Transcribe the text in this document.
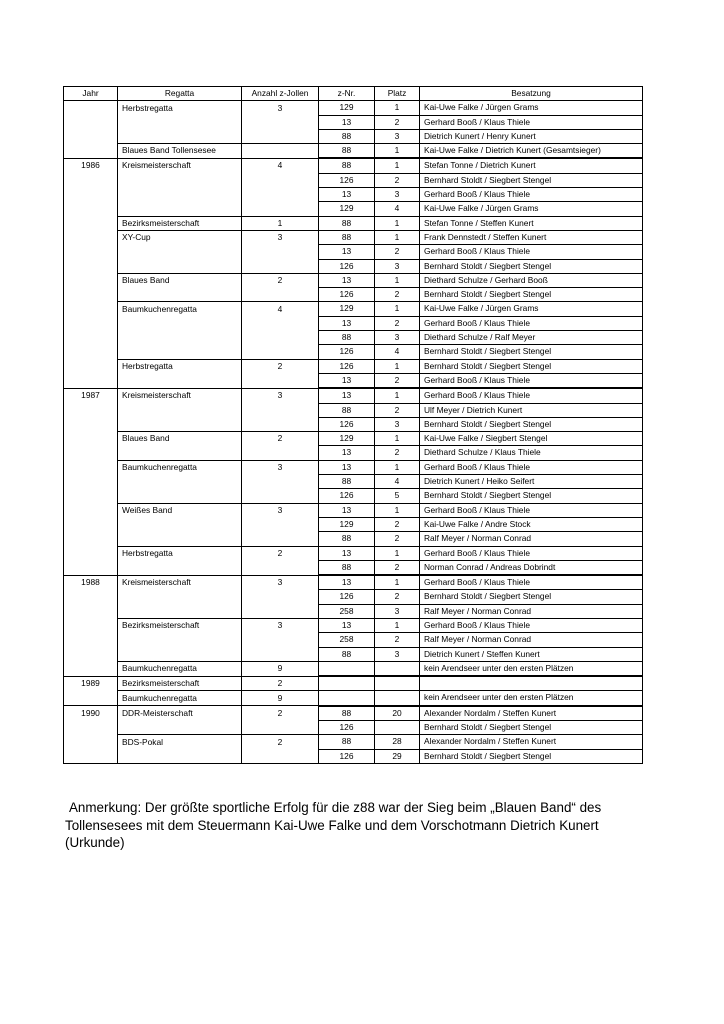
Jahr	Regatta	Anzahl z-Jollen	z-Nr.	Platz	Besatzung
	Herbstregatta	3	129	1	Kai-Uwe Falke / Jürgen Grams
			13	2	Gerhard Booß / Klaus Thiele
			88	3	Dietrich Kunert / Henry Kunert
	Blaues Band Tollensesee		88	1	Kai-Uwe Falke / Dietrich Kunert (Gesamtsieger)
1986	Kreismeisterschaft	4	88	1	Stefan Tonne / Dietrich Kunert
			126	2	Bernhard Stoldt / Siegbert Stengel
			13	3	Gerhard Booß / Klaus Thiele
			129	4	Kai-Uwe Falke / Jürgen Grams
	Bezirksmeisterschaft	1	88	1	Stefan Tonne / Steffen Kunert
	XY-Cup	3	88	1	Frank Dennstedt / Steffen Kunert
			13	2	Gerhard Booß / Klaus Thiele
			126	3	Bernhard Stoldt / Siegbert Stengel
	Blaues Band	2	13	1	Diethard Schulze / Gerhard Booß
			126	2	Bernhard Stoldt / Siegbert Stengel
	Baumkuchenregatta	4	129	1	Kai-Uwe Falke / Jürgen Grams
			13	2	Gerhard Booß / Klaus Thiele
			88	3	Diethard Schulze / Ralf Meyer
			126	4	Bernhard Stoldt / Siegbert Stengel
	Herbstregatta	2	126	1	Bernhard Stoldt / Siegbert Stengel
			13	2	Gerhard Booß / Klaus Thiele
1987	Kreismeisterschaft	3	13	1	Gerhard Booß / Klaus Thiele
			88	2	Ulf Meyer / Dietrich Kunert
			126	3	Bernhard Stoldt / Siegbert Stengel
	Blaues Band	2	129	1	Kai-Uwe Falke / Siegbert Stengel
			13	2	Diethard Schulze / Klaus Thiele
	Baumkuchenregatta	3	13	1	Gerhard Booß / Klaus Thiele
			88	4	Dietrich Kunert / Heiko Seifert
			126	5	Bernhard Stoldt / Siegbert Stengel
	Weißes Band	3	13	1	Gerhard Booß / Klaus Thiele
			129	2	Kai-Uwe Falke / Andre Stock
			88	2	Ralf Meyer / Norman Conrad
	Herbstregatta	2	13	1	Gerhard Booß / Klaus Thiele
			88	2	Norman Conrad / Andreas Dobrindt
1988	Kreismeisterschaft	3	13	1	Gerhard Booß / Klaus Thiele
			126	2	Bernhard Stoldt / Siegbert Stengel
			258	3	Ralf Meyer / Norman Conrad
	Bezirksmeisterschaft	3	13	1	Gerhard Booß / Klaus Thiele
			258	2	Ralf Meyer / Norman Conrad
			88	3	Dietrich Kunert / Steffen Kunert
	Baumkuchenregatta	9			kein Arendseer unter den ersten Plätzen
1989	Bezirksmeisterschaft	2			
	Baumkuchenregatta	9			kein Arendseer unter den ersten Plätzen
1990	DDR-Meisterschaft	2	88	20	Alexander Nordalm / Steffen Kunert
			126		Bernhard Stoldt / Siegbert Stengel
	BDS-Pokal	2	88	28	Alexander Nordalm / Steffen Kunert
			126	29	Bernhard Stoldt / Siegbert Stengel

Anmerkung: Der größte sportliche Erfolg für die z88 war der Sieg beim „Blauen Band“ des Tollensesees mit dem Steuermann Kai-Uwe Falke und dem Vorschotmann Dietrich Kunert (Urkunde)
